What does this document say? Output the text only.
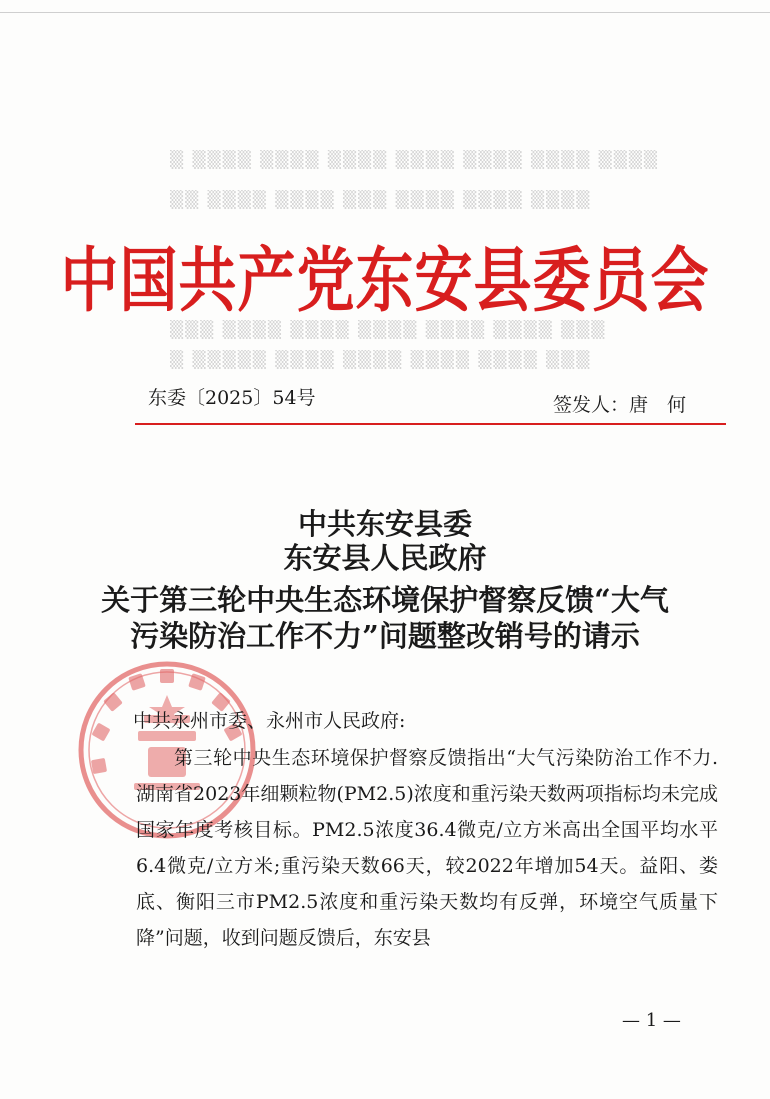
▒ ▒▒▒▒ ▒▒▒▒ ▒▒▒▒ ▒▒▒▒ ▒▒▒▒ ▒▒▒▒ ▒▒▒▒
▒▒ ▒▒▒▒ ▒▒▒▒ ▒▒▒ ▒▒▒▒ ▒▒▒▒ ▒▒▒▒
▒▒▒ ▒▒▒▒ ▒▒▒▒ ▒▒▒▒ ▒▒▒▒ ▒▒▒▒ ▒▒▒
▒ ▒▒▒▒▒ ▒▒▒▒ ▒▒▒▒ ▒▒▒▒ ▒▒▒▒ ▒▒▒
中国共产党东安县委员会
东委〔2025〕54号	签发人：唐　何
中共东安县委
东安县人民政府
关于第三轮中央生态环境保护督察反馈“大气
污染防治工作不力”问题整改销号的请示
中共永州市委、永州市人民政府:
第三轮中央生态环境保护督察反馈指出“大气污染防治工作不力.湖南省2023年细颗粒物(PM2.5)浓度和重污染天数两项指标均未完成国家年度考核目标。PM2.5浓度36.4微克/立方米高出全国平均水平6.4微克/立方米;重污染天数66天，较2022年增加54天。益阳、娄底、衡阳三市PM2.5浓度和重污染天数均有反弹，环境空气质量下降”问题，收到问题反馈后，东安县
— 1 —
